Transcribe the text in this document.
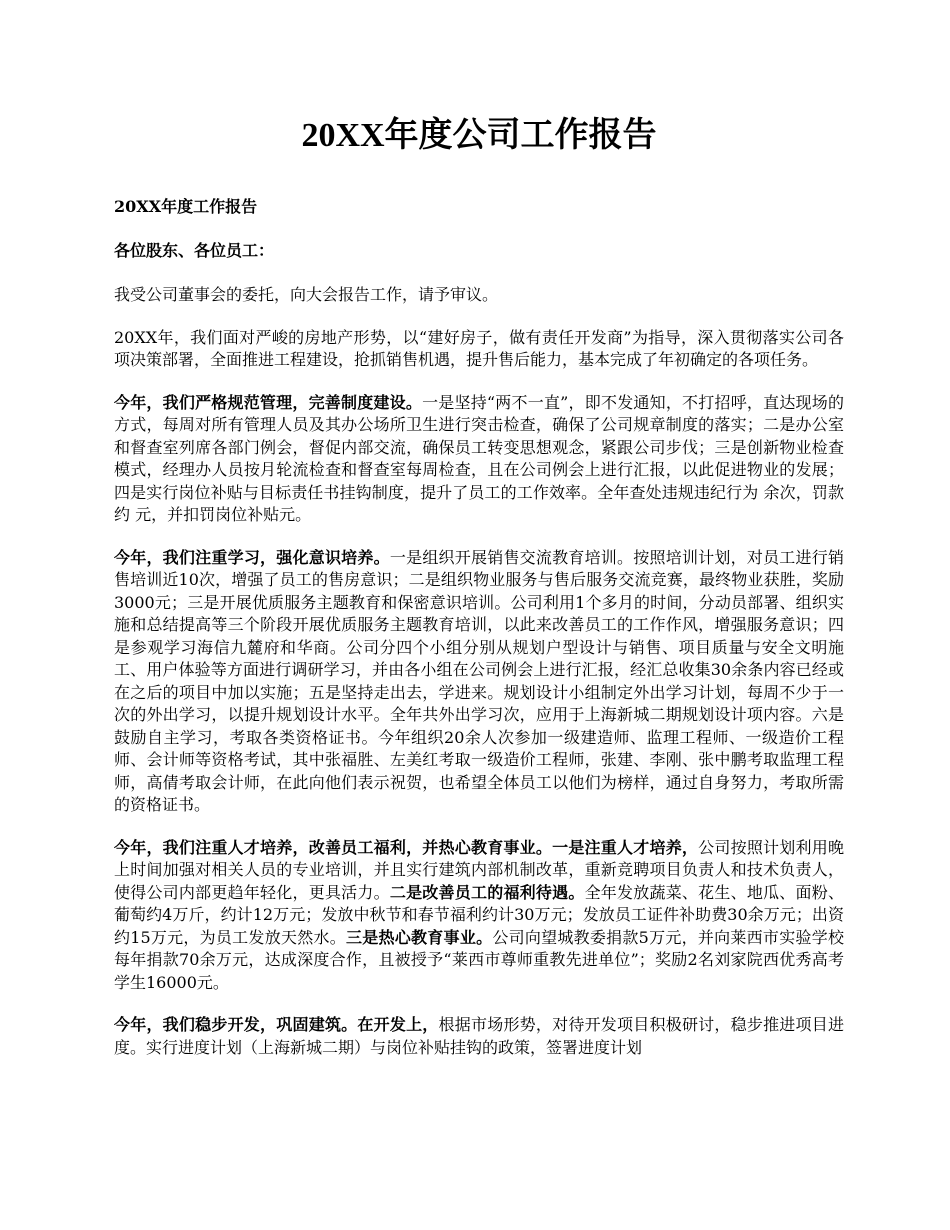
20XX年度公司工作报告

20XX年度工作报告

各位股东、各位员工：

我受公司董事会的委托，向大会报告工作，请予审议。

20XX年，我们面对严峻的房地产形势，以“建好房子，做有责任开发商”为指导，深入贯彻落实公司各项决策部署，全面推进工程建设，抢抓销售机遇，提升售后能力，基本完成了年初确定的各项任务。

今年，我们严格规范管理，完善制度建设。一是坚持“两不一直”，即不发通知，不打招呼，直达现场的方式，每周对所有管理人员及其办公场所卫生进行突击检查，确保了公司规章制度的落实；二是办公室和督查室列席各部门例会，督促内部交流，确保员工转变思想观念，紧跟公司步伐；三是创新物业检查模式，经理办人员按月轮流检查和督查室每周检查，且在公司例会上进行汇报，以此促进物业的发展；四是实行岗位补贴与目标责任书挂钩制度，提升了员工的工作效率。全年查处违规违纪行为 余次，罚款约 元，并扣罚岗位补贴元。

今年，我们注重学习，强化意识培养。一是组织开展销售交流教育培训。按照培训计划，对员工进行销售培训近10次，增强了员工的售房意识；二是组织物业服务与售后服务交流竞赛，最终物业获胜，奖励3000元；三是开展优质服务主题教育和保密意识培训。公司利用1个多月的时间，分动员部署、组织实施和总结提高等三个阶段开展优质服务主题教育培训，以此来改善员工的工作作风，增强服务意识；四是参观学习海信九麓府和华商。公司分四个小组分别从规划户型设计与销售、项目质量与安全文明施工、用户体验等方面进行调研学习，并由各小组在公司例会上进行汇报，经汇总收集30余条内容已经或在之后的项目中加以实施；五是坚持走出去，学进来。规划设计小组制定外出学习计划，每周不少于一次的外出学习，以提升规划设计水平。全年共外出学习次，应用于上海新城二期规划设计项内容。六是鼓励自主学习，考取各类资格证书。今年组织20余人次参加一级建造师、监理工程师、一级造价工程师、会计师等资格考试，其中张福胜、左美红考取一级造价工程师，张建、李刚、张中鹏考取监理工程师，高倩考取会计师，在此向他们表示祝贺，也希望全体员工以他们为榜样，通过自身努力，考取所需的资格证书。

今年，我们注重人才培养，改善员工福利，并热心教育事业。一是注重人才培养，公司按照计划利用晚上时间加强对相关人员的专业培训，并且实行建筑内部机制改革，重新竞聘项目负责人和技术负责人，使得公司内部更趋年轻化，更具活力。二是改善员工的福利待遇。全年发放蔬菜、花生、地瓜、面粉、葡萄约4万斤，约计12万元；发放中秋节和春节福利约计30万元；发放员工证件补助费30余万元；出资约15万元，为员工发放天然水。三是热心教育事业。公司向望城教委捐款5万元，并向莱西市实验学校每年捐款70余万元，达成深度合作，且被授予“莱西市尊师重教先进单位”；奖励2名刘家院西优秀高考学生16000元。

今年，我们稳步开发，巩固建筑。在开发上，根据市场形势，对待开发项目积极研讨，稳步推进项目进度。实行进度计划（上海新城二期）与岗位补贴挂钩的政策，签署进度计划
